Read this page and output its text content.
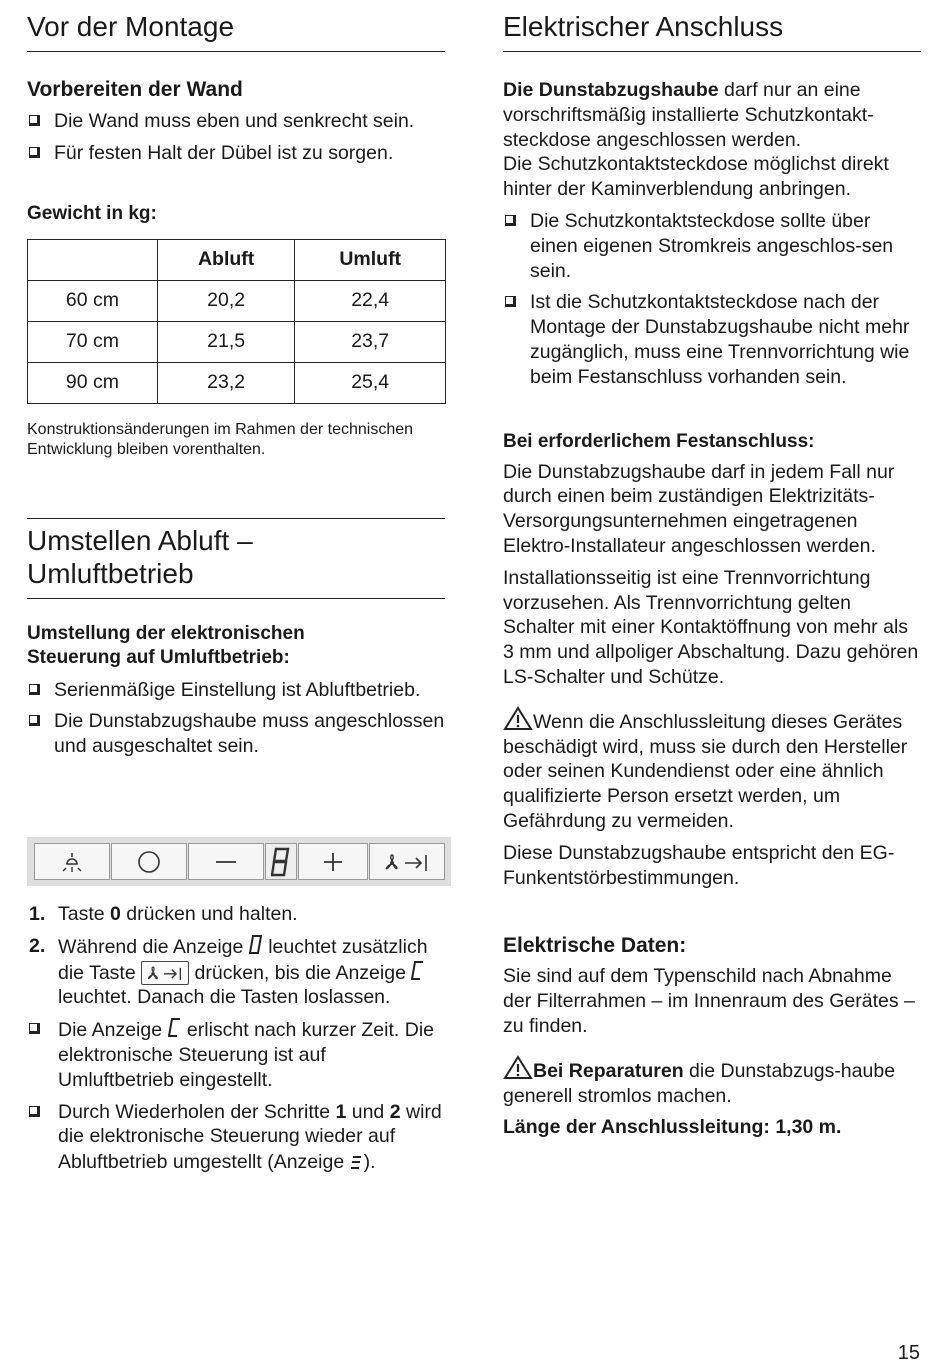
Vor der Montage
Vorbereiten der Wand
Die Wand muss eben und senkrecht sein.
Für festen Halt der Dübel ist zu sorgen.
Gewicht in kg:
	Abluft	Umluft
60 cm	20,2	22,4
70 cm	21,5	23,7
90 cm	23,2	25,4

Konstruktionsänderungen im Rahmen der technischen Entwicklung bleiben vorenthalten.

Umstellen Abluft –
Umluftbetrieb
Umstellung der elektronischen
Steuerung auf Umluftbetrieb:
Serienmäßige Einstellung ist Abluftbetrieb.
Die Dunstabzugshaube muss angeschlossen und ausgeschaltet sein.
1. Taste 0 drücken und halten.
2. Während die Anzeige  leuchtet zusätzlich die Taste  drücken, bis die Anzeige  leuchtet. Danach die Tasten loslassen.
Die Anzeige  erlischt nach kurzer Zeit. Die elektronische Steuerung ist auf Umluftbetrieb eingestellt.
Durch Wiederholen der Schritte 1 und 2 wird die elektronische Steuerung wieder auf Abluftbetrieb umgestellt (Anzeige ).
Elektrischer Anschluss

Die Dunstabzugshaube darf nur an eine vorschriftsmäßig installierte Schutzkontakt-steckdose angeschlossen werden.

Die Schutzkontaktsteckdose möglichst direkt hinter der Kaminverblendung anbringen.

Die Schutzkontaktsteckdose sollte über einen eigenen Stromkreis angeschlos-sen sein.
Ist die Schutzkontaktsteckdose nach der Montage der Dunstabzugshaube nicht mehr zugänglich, muss eine Trennvorrichtung wie beim Festanschluss vorhanden sein.
Bei erforderlichem Festanschluss:

Die Dunstabzugshaube darf in jedem Fall nur durch einen beim zuständigen Elektrizitäts-Versorgungsunternehmen eingetragenen Elektro-Installateur angeschlossen werden.

Installationsseitig ist eine Trennvorrichtung vorzusehen. Als Trennvorrichtung gelten Schalter mit einer Kontaktöffnung von mehr als 3 mm und allpoliger Abschaltung. Dazu gehören LS-Schalter und Schütze.

Wenn die Anschlussleitung dieses Gerätes beschädigt wird, muss sie durch den Hersteller oder seinen Kundendienst oder eine ähnlich qualifizierte Person ersetzt werden, um Gefährdung zu vermeiden.

Diese Dunstabzugshaube entspricht den EG-Funkentstörbestimmungen.

Elektrische Daten:

Sie sind auf dem Typenschild nach Abnahme der Filterrahmen – im Innenraum des Gerätes – zu finden.

Bei Reparaturen die Dunstabzugs-haube generell stromlos machen.

Länge der Anschlussleitung: 1,30 m.

15
